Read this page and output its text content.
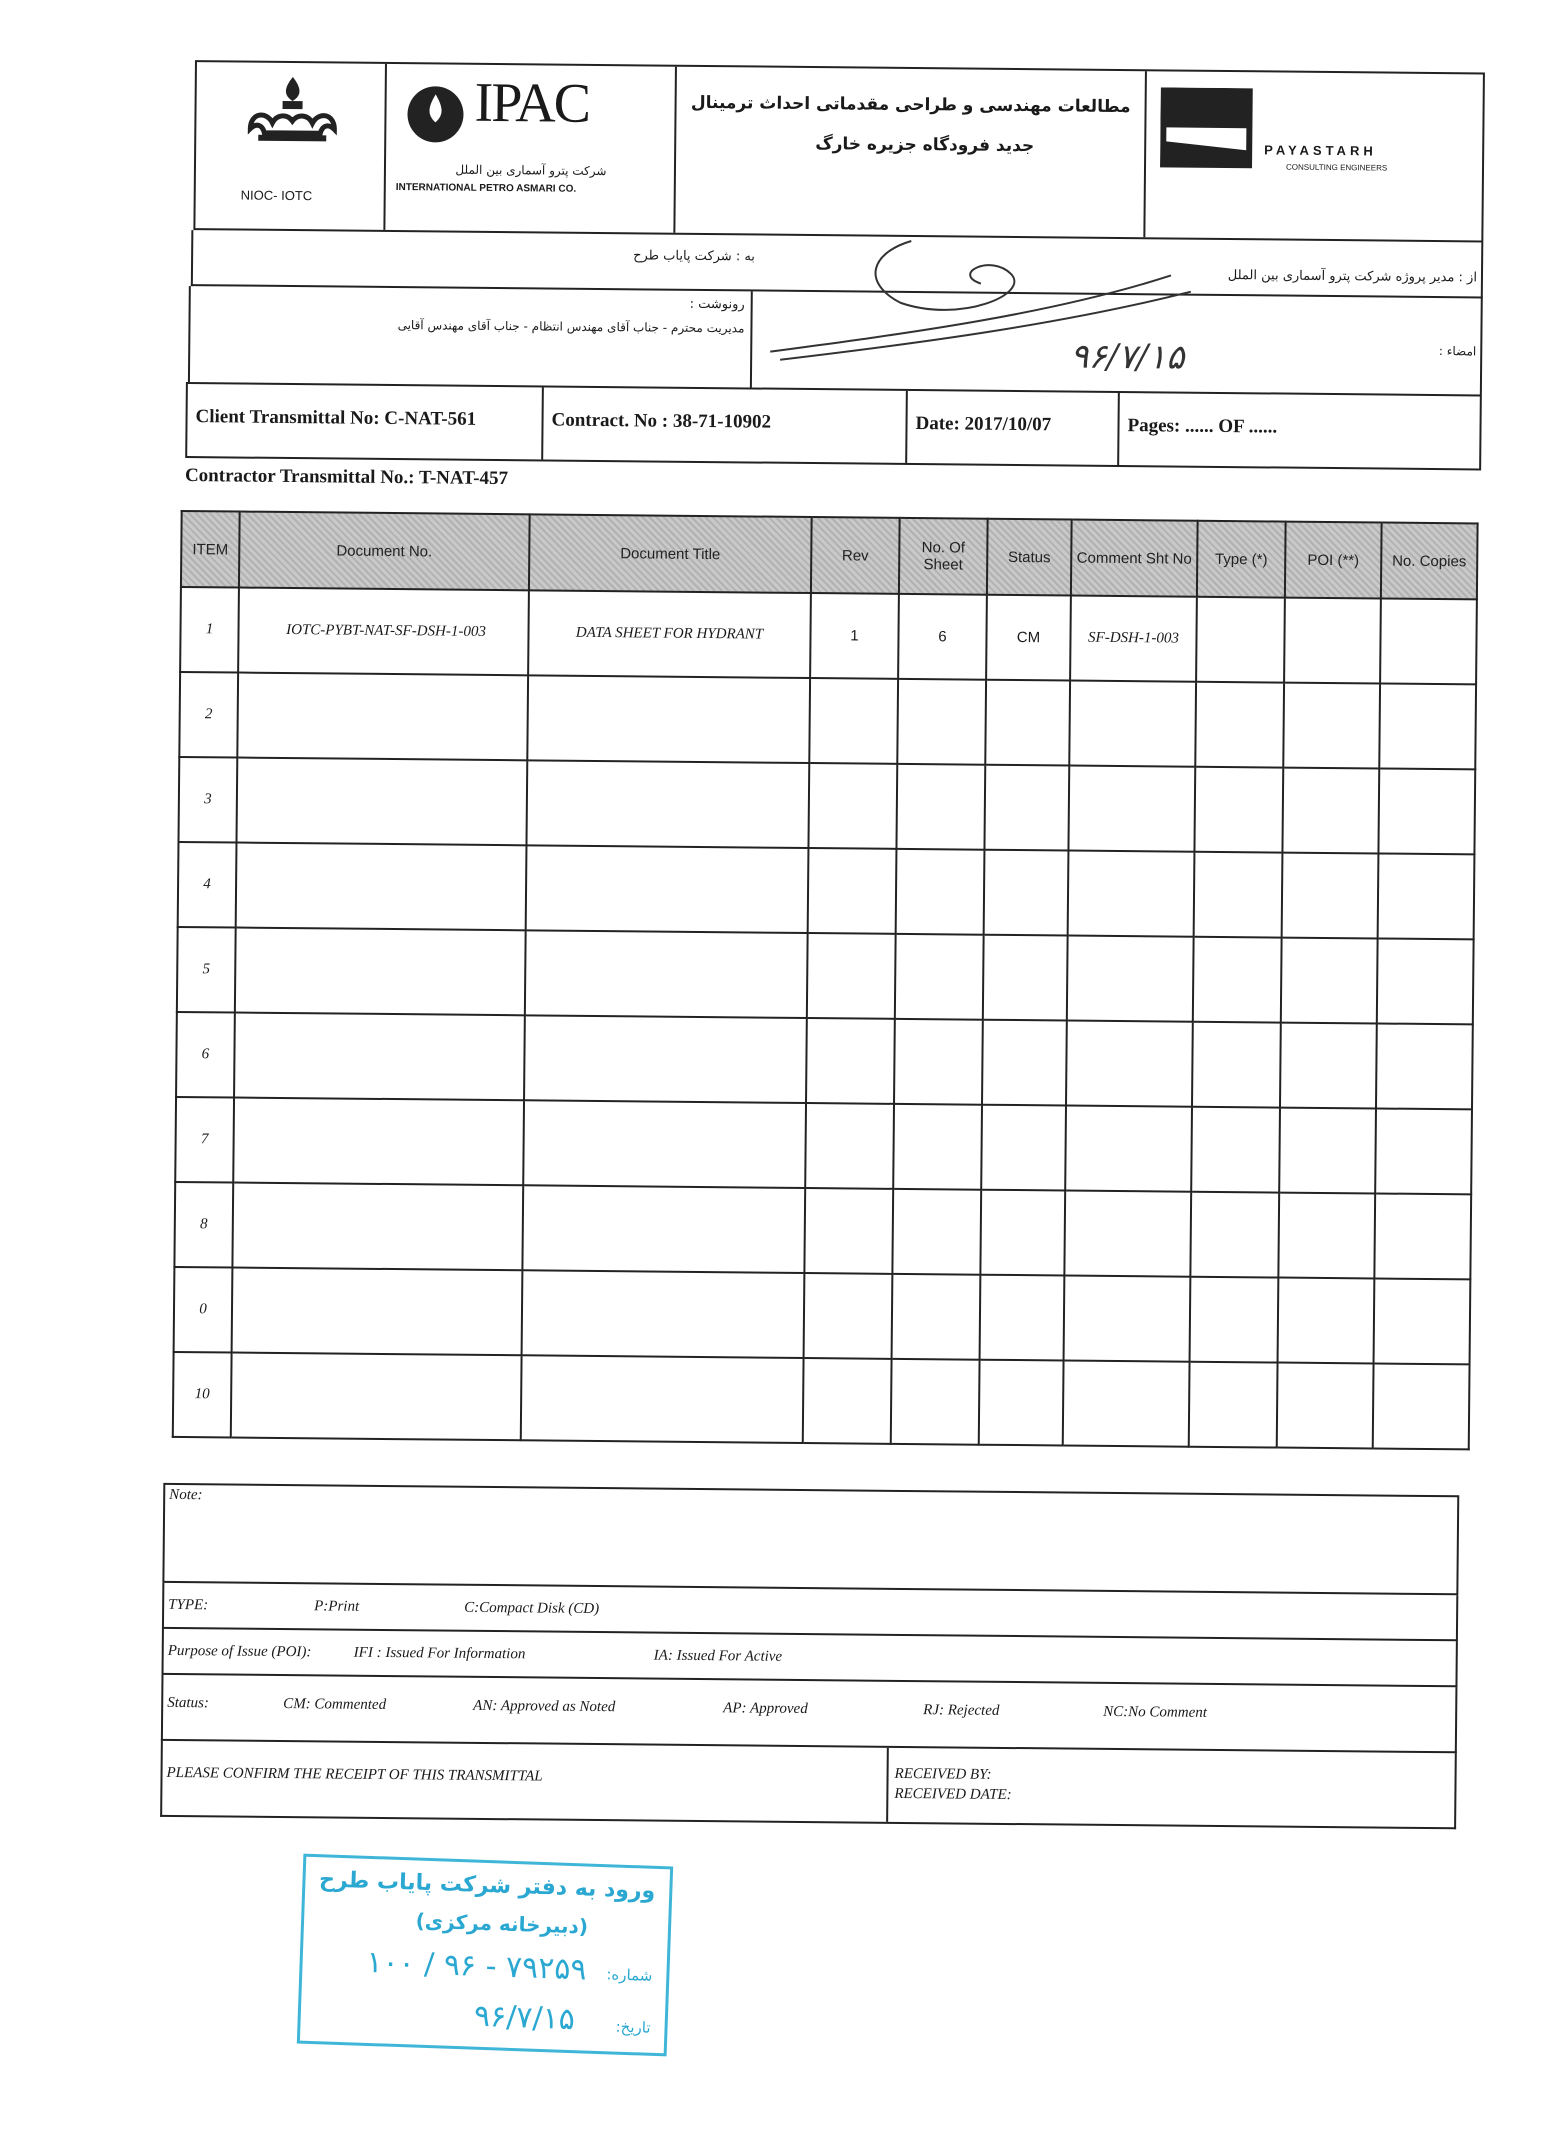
NIOC- IOTC
IPAC
شرکت پترو آسماری بین الملل
INTERNATIONAL PETRO ASMARI CO.
مطالعات مهندسی و طراحی مقدماتی احداث ترمینال
جدید فرودگاه جزیره خارگ	PAYASTARH
CONSULTING ENGINEERS
به : شرکت پایاب طرح
از : مدیر پروژه شرکت پترو آسماری بین الملل
رونوشت :
مدیریت محترم - جناب آقای مهندس انتظام - جناب آقای مهندس آقایی
امضاء :
۹۶/۷/۱۵
Client Transmittal No: C-NAT-561	Contract. No : 38-71-10902	Date: 2017/10/07	Pages: ...... OF ......
Contractor Transmittal No.: T-NAT-457
ITEM	Document No.	Document Title	Rev	No. Of Sheet	Status	Comment Sht No	Type (*)	POI (**)	No. Copies
1	IOTC-PYBT-NAT-SF-DSH-1-003	DATA SHEET FOR HYDRANT	1	6	CM	SF-DSH-1-003			
2									
3									
4									
5									
6									
7									
8									
0									
10									
Note:
TYPE:	P:Print	C:Compact Disk (CD)
Purpose of Issue (POI):	IFI : Issued For Information	IA: Issued For Active
Status:	CM: Commented	AN: Approved as Noted	AP: Approved	RJ: Rejected	NC:No Comment
PLEASE CONFIRM THE RECEIPT OF THIS TRANSMITTAL	RECEIVED BY:
RECEIVED DATE:
ورود به دفتر شرکت پایاب طرح
(دبیرخانه مرکزی)
شماره:
۷۹۲۵۹ - ۹۶ / ۱۰۰
تاریخ:
۹۶/۷/۱۵
